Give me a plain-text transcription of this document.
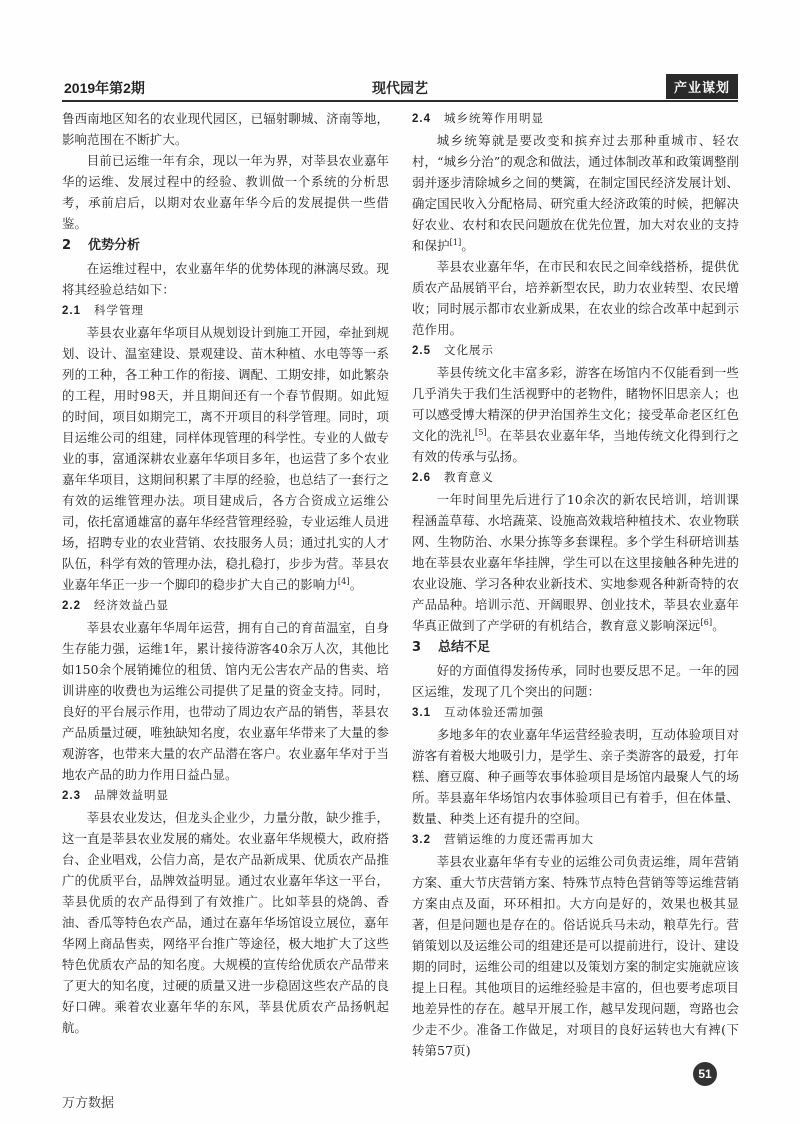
2019年第2期	现代园艺	产业谋划

鲁西南地区知名的农业现代园区，已辐射聊城、济南等地，影响范围在不断扩大。

目前已运维一年有余，现以一年为界，对莘县农业嘉年华的运维、发展过程中的经验、教训做一个系统的分析思考，承前启后，以期对农业嘉年华今后的发展提供一些借鉴。

2 优势分析

在运维过程中，农业嘉年华的优势体现的淋漓尽致。现将其经验总结如下：

2.1 科学管理

莘县农业嘉年华项目从规划设计到施工开园，牵扯到规划、设计、温室建设、景观建设、苗木种植、水电等等一系列的工种，各工种工作的衔接、调配、工期安排，如此繁杂的工程，用时98天，并且期间还有一个春节假期。如此短的时间，项目如期完工，离不开项目的科学管理。同时，项目运维公司的组建，同样体现管理的科学性。专业的人做专业的事，富通深耕农业嘉年华项目多年，也运营了多个农业嘉年华项目，这期间积累了丰厚的经验，也总结了一套行之有效的运维管理办法。项目建成后，各方合资成立运维公司，依托富通雄富的嘉年华经营管理经验，专业运维人员进场，招聘专业的农业营销、农技服务人员；通过扎实的人才队伍，科学有效的管理办法，稳扎稳打，步步为营。莘县农业嘉年华正一步一个脚印的稳步扩大自己的影响力[4]。

2.2 经济效益凸显

莘县农业嘉年华周年运营，拥有自己的育苗温室，自身生存能力强，运维1年，累计接待游客40余万人次，其他比如150余个展销摊位的租赁、馆内无公害农产品的售卖、培训讲座的收费也为运维公司提供了足量的资金支持。同时，良好的平台展示作用，也带动了周边农产品的销售，莘县农产品质量过硬，唯独缺知名度，农业嘉年华带来了大量的参观游客，也带来大量的农产品潜在客户。农业嘉年华对于当地农产品的助力作用日益凸显。

2.3 品牌效益明显

莘县农业发达，但龙头企业少，力量分散，缺少推手，这一直是莘县农业发展的痛处。农业嘉年华规模大，政府搭台、企业唱戏，公信力高，是农产品新成果、优质农产品推广的优质平台，品牌效益明显。通过农业嘉年华这一平台，莘县优质的农产品得到了有效推广。比如莘县的烧鸽、香油、香瓜等特色农产品，通过在嘉年华场馆设立展位，嘉年华网上商品售卖，网络平台推广等途径，极大地扩大了这些特色优质农产品的知名度。大规模的宣传给优质农产品带来了更大的知名度，过硬的质量又进一步稳固这些农产品的良好口碑。乘着农业嘉年华的东风，莘县优质农产品扬帆起航。

2.4 城乡统筹作用明显

城乡统筹就是要改变和摈弃过去那种重城市、轻农村，“城乡分治”的观念和做法，通过体制改革和政策调整削弱并逐步清除城乡之间的樊篱，在制定国民经济发展计划、确定国民收入分配格局、研究重大经济政策的时候，把解决好农业、农村和农民问题放在优先位置，加大对农业的支持和保护[1]。

莘县农业嘉年华，在市民和农民之间牵线搭桥，提供优质农产品展销平台，培养新型农民，助力农业转型、农民增收；同时展示都市农业新成果，在农业的综合改革中起到示范作用。

2.5 文化展示

莘县传统文化丰富多彩，游客在场馆内不仅能看到一些几乎消失于我们生活视野中的老物件，睹物怀旧思亲人；也可以感受博大精深的伊尹治国养生文化；接受革命老区红色文化的洗礼[5]。在莘县农业嘉年华，当地传统文化得到行之有效的传承与弘扬。

2.6 教育意义

一年时间里先后进行了10余次的新农民培训，培训课程涵盖草莓、水培蔬菜、设施高效栽培种植技术、农业物联网、生物防治、水果分拣等多套课程。多个学生科研培训基地在莘县农业嘉年华挂牌，学生可以在这里接触各种先进的农业设施、学习各种农业新技术、实地参观各种新奇特的农产品品种。培训示范、开阔眼界、创业技术，莘县农业嘉年华真正做到了产学研的有机结合，教育意义影响深远[6]。

3 总结不足

好的方面值得发扬传承，同时也要反思不足。一年的园区运维，发现了几个突出的问题：

3.1 互动体验还需加强

多地多年的农业嘉年华运营经验表明，互动体验项目对游客有着极大地吸引力，是学生、亲子类游客的最爱，打年糕、磨豆腐、种子画等农事体验项目是场馆内最聚人气的场所。莘县嘉年华场馆内农事体验项目已有着手，但在体量、数量、种类上还有提升的空间。

3.2 营销运维的力度还需再加大

莘县农业嘉年华有专业的运维公司负责运维，周年营销方案、重大节庆营销方案、特殊节点特色营销等等运维营销方案由点及面，环环相扣。大方向是好的，效果也极其显著，但是问题也是存在的。俗话说兵马未动，粮草先行。营销策划以及运维公司的组建还是可以提前进行，设计、建设期的同时，运维公司的组建以及策划方案的制定实施就应该提上日程。其他项目的运维经验是丰富的，但也要考虑项目地差异性的存在。越早开展工作，越早发现问题，弯路也会少走不少。准备工作做足，对项目的良好运转也大有裨(下转第57页)

51
万方数据
